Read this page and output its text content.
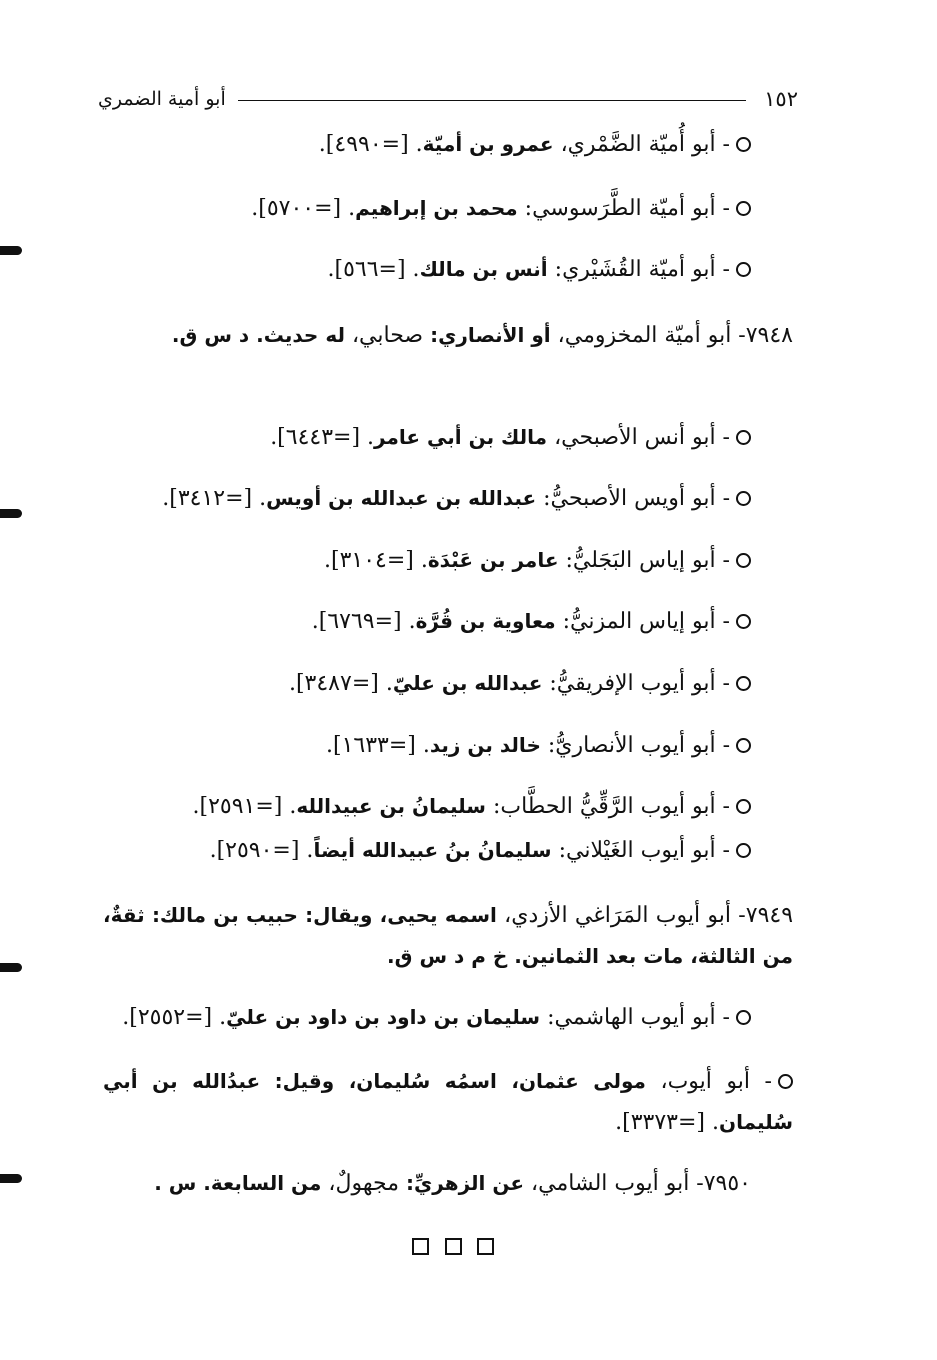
١٥٢
أبو أمية الضمري
- أبو أُميّة الضَّمْري، عمرو بن أميّة. [=٤٩٩٠].
- أبو أميّة الطَّرَسوسي: محمد بن إبراهيم. [=٥٧٠٠].
- أبو أميّة القُشَيْري: أنس بن مالك. [=٥٦٦].
٧٩٤٨- أبو أميّة المخزومي، أو الأنصاري: صحابي، له حديث. د س ق.
- أبو أنس الأصبحي، مالك بن أبي عامر. [=٦٤٤٣].
- أبو أويس الأصبحيُّ: عبدالله بن عبدالله بن أويس. [=٣٤١٢].
- أبو إياس البَجَليُّ: عامر بن عَبْدَة. [=٣١٠٤].
- أبو إياس المزنيُّ: معاوية بن قُرَّة. [=٦٧٦٩].
- أبو أيوب الإفريقيُّ: عبدالله بن عليّ. [=٣٤٨٧].
- أبو أيوب الأنصاريُّ: خالد بن زيد. [=١٦٣٣].
- أبو أيوب الرَّقِّيُّ الحطَّاب: سليمانُ بن عبيدالله. [=٢٥٩١].
- أبو أيوب الغَيْلاني: سليمانُ بنُ عبيدالله أيضاً. [=٢٥٩٠].
٧٩٤٩- أبو أيوب المَرَاغي الأزدي، اسمه يحيى، ويقال: حبيب بن مالك: ثقةٌ، من الثالثة، مات بعد الثمانين. خ م د س ق.
- أبو أيوب الهاشمي: سليمان بن داود بن داود بن عليّ. [=٢٥٥٢].
- أبو أيوب، مولى عثمان، اسمُه سُليمان، وقيل: عبدُالله بن أبي سُليمان. [=٣٣٧٣].
٧٩٥٠- أبو أيوب الشامي، عن الزهريِّ: مجهولٌ، من السابعة. س .
